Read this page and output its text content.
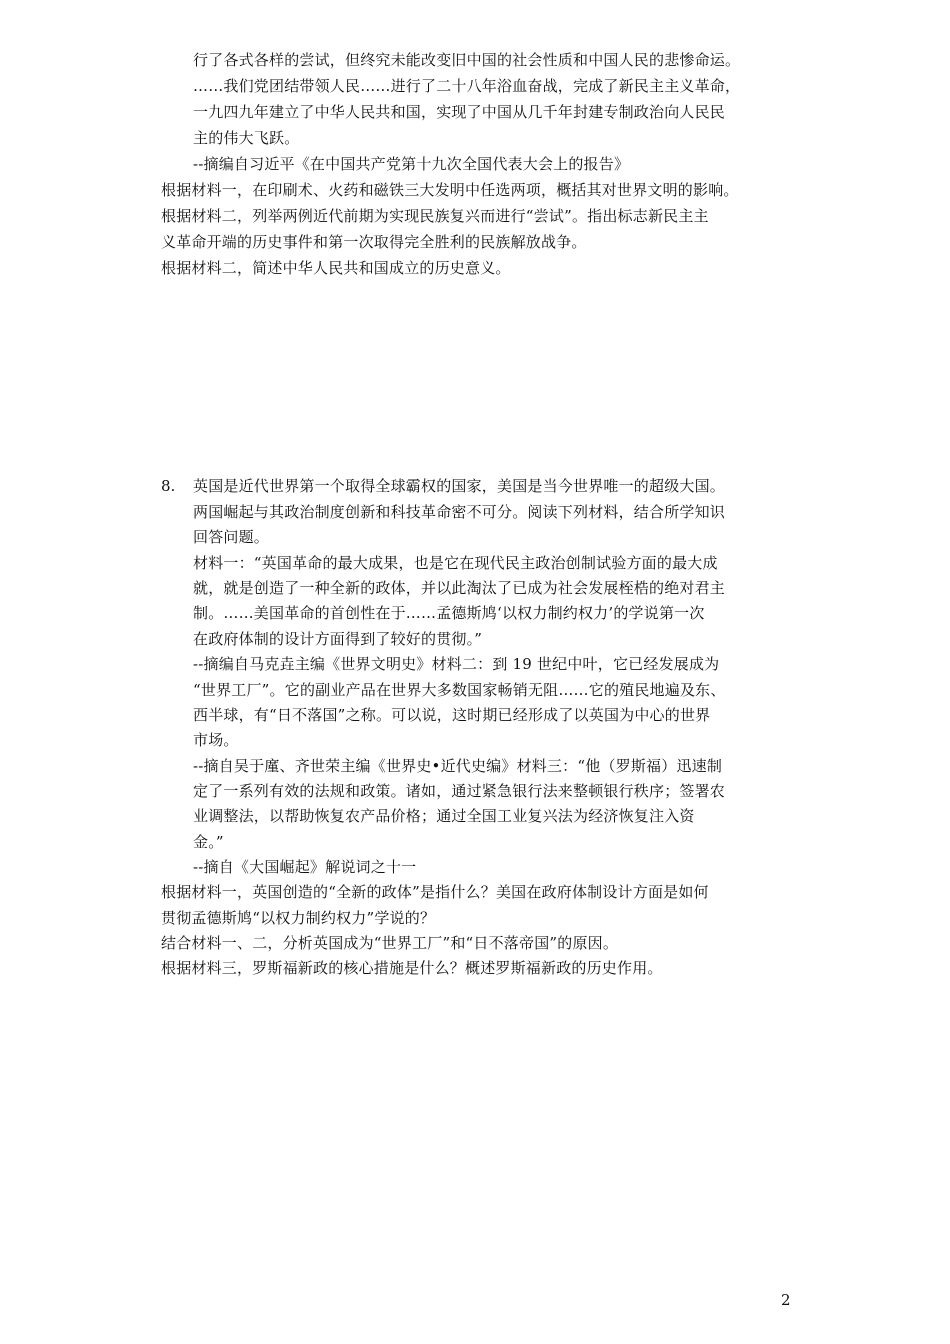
行了各式各样的尝试，但终究未能改变旧中国的社会性质和中国人民的悲惨命运。
……我们党团结带领人民……进行了二十八年浴血奋战，完成了新民主主义革命，
一九四九年建立了中华人民共和国，实现了中国从几千年封建专制政治向人民民
主的伟大飞跃。
--摘编自习近平《在中国共产党第十九次全国代表大会上的报告》
根据材料一，在印刷术、火药和磁铁三大发明中任选两项，概括其对世界文明的影响。
根据材料二，列举两例近代前期为实现民族复兴而进行“尝试”。指出标志新民主主
义革命开端的历史事件和第一次取得完全胜利的民族解放战争。
根据材料二，简述中华人民共和国成立的历史意义。
8. 英国是近代世界第一个取得全球霸权的国家，美国是当今世界唯一的超级大国。
两国崛起与其政治制度创新和科技革命密不可分。阅读下列材料，结合所学知识
回答问题。
材料一：“英国革命的最大成果，也是它在现代民主政治创制试验方面的最大成
就，就是创造了一种全新的政体，并以此淘汰了已成为社会发展桎梏的绝对君主
制。……美国革命的首创性在于……孟德斯鸠‘以权力制约权力’的学说第一次
在政府体制的设计方面得到了较好的贯彻。”
--摘编自马克垚主编《世界文明史》材料二：到 19 世纪中叶，它已经发展成为
“世界工厂”。它的副业产品在世界大多数国家畅销无阻……它的殖民地遍及东、
西半球，有“日不落国”之称。可以说，这时期已经形成了以英国为中心的世界
市场。
--摘自吴于廑、齐世荣主编《世界史•近代史编》材料三：“他（罗斯福）迅速制
定了一系列有效的法规和政策。诸如，通过紧急银行法来整顿银行秩序；签署农
业调整法，以帮助恢复农产品价格；通过全国工业复兴法为经济恢复注入资
金。”
--摘自《大国崛起》解说词之十一
根据材料一，英国创造的“全新的政体”是指什么？美国在政府体制设计方面是如何
贯彻孟德斯鸠“以权力制约权力”学说的？
结合材料一、二，分析英国成为“世界工厂”和“日不落帝国”的原因。
根据材料三，罗斯福新政的核心措施是什么？概述罗斯福新政的历史作用。
2
